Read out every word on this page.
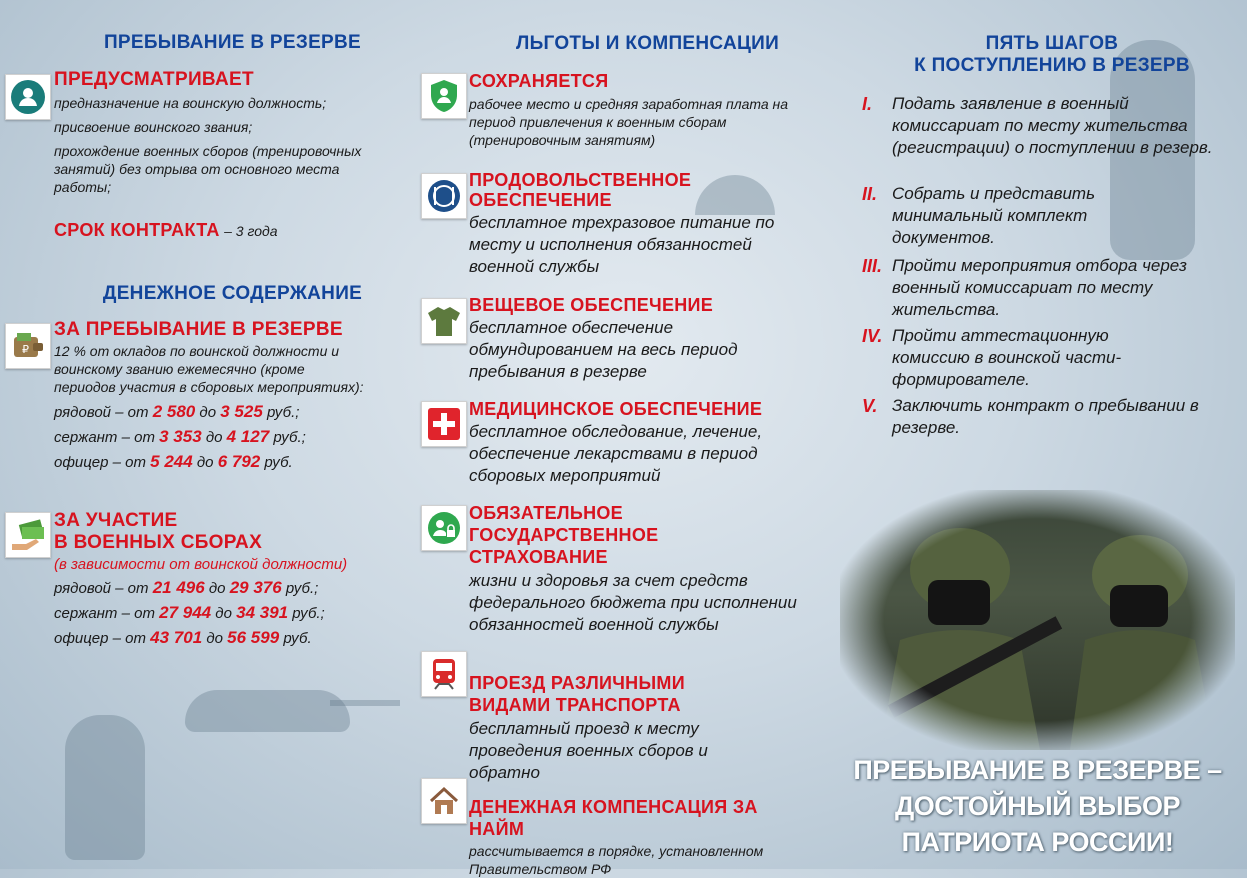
ПРЕБЫВАНИЕ В РЕЗЕРВЕ
ПРЕДУСМАТРИВАЕТ
предназначение на воинскую должность;
присвоение воинского звания;
прохождение военных сборов (тренировочных занятий) без отрыва от основного места работы;
СРОК КОНТРАКТА – 3 года
ДЕНЕЖНОЕ СОДЕРЖАНИЕ
₽
ЗА ПРЕБЫВАНИЕ В РЕЗЕРВЕ
12 % от окладов по воинской должности и воинскому званию ежемесячно (кроме периодов участия в сборовых мероприятиях):
рядовой – от 2 580 до 3 525 руб.;
сержант – от 3 353 до 4 127 руб.;
офицер – от 5 244 до 6 792 руб.
ЗА УЧАСТИЕ
В ВОЕННЫХ СБОРАХ
(в зависимости от воинской должности)
рядовой – от 21 496 до 29 376 руб.;
сержант – от 27 944 до 34 391 руб.;
офицер – от 43 701 до 56 599 руб.
ЛЬГОТЫ И КОМПЕНСАЦИИ
СОХРАНЯЕТСЯ
рабочее место и средняя заработная плата на период привлечения к военным сборам (тренировочным занятиям)
ПРОДОВОЛЬСТВЕННОЕ ОБЕСПЕЧЕНИЕ
бесплатное трехразовое питание по месту и исполнения обязанностей военной службы
ВЕЩЕВОЕ ОБЕСПЕЧЕНИЕ
бесплатное обеспечение обмундированием на весь период пребывания в резерве
МЕДИЦИНСКОЕ ОБЕСПЕЧЕНИЕ
бесплатное обследование, лечение, обеспечение лекарствами в период сборовых мероприятий
ОБЯЗАТЕЛЬНОЕ ГОСУДАРСТВЕННОЕ СТРАХОВАНИЕ
жизни и здоровья за счет средств федерального бюджета при исполнении обязанностей военной службы
ПРОЕЗД РАЗЛИЧНЫМИ ВИДАМИ ТРАНСПОРТА
бесплатный проезд к месту проведения военных сборов и обратно
ДЕНЕЖНАЯ КОМПЕНСАЦИЯ ЗА НАЙМ
рассчитывается в порядке, установленном Правительством РФ
ПЯТЬ ШАГОВ
К ПОСТУПЛЕНИЮ В РЕЗЕРВ
I.	Подать заявление в военный комиссариат по месту жительства (регистрации) о поступлении в резерв.
II. Собрать и представить минимальный комплект документов.
III. Пройти мероприятия отбора через военный комиссариат по месту жительства.
IV. Пройти аттестационную комиссию в воинской части-формирователе.
V. Заключить контракт о пребывании в резерве.
ПРЕБЫВАНИЕ В РЕЗЕРВЕ –
ДОСТОЙНЫЙ ВЫБОР
ПАТРИОТА РОССИИ!
